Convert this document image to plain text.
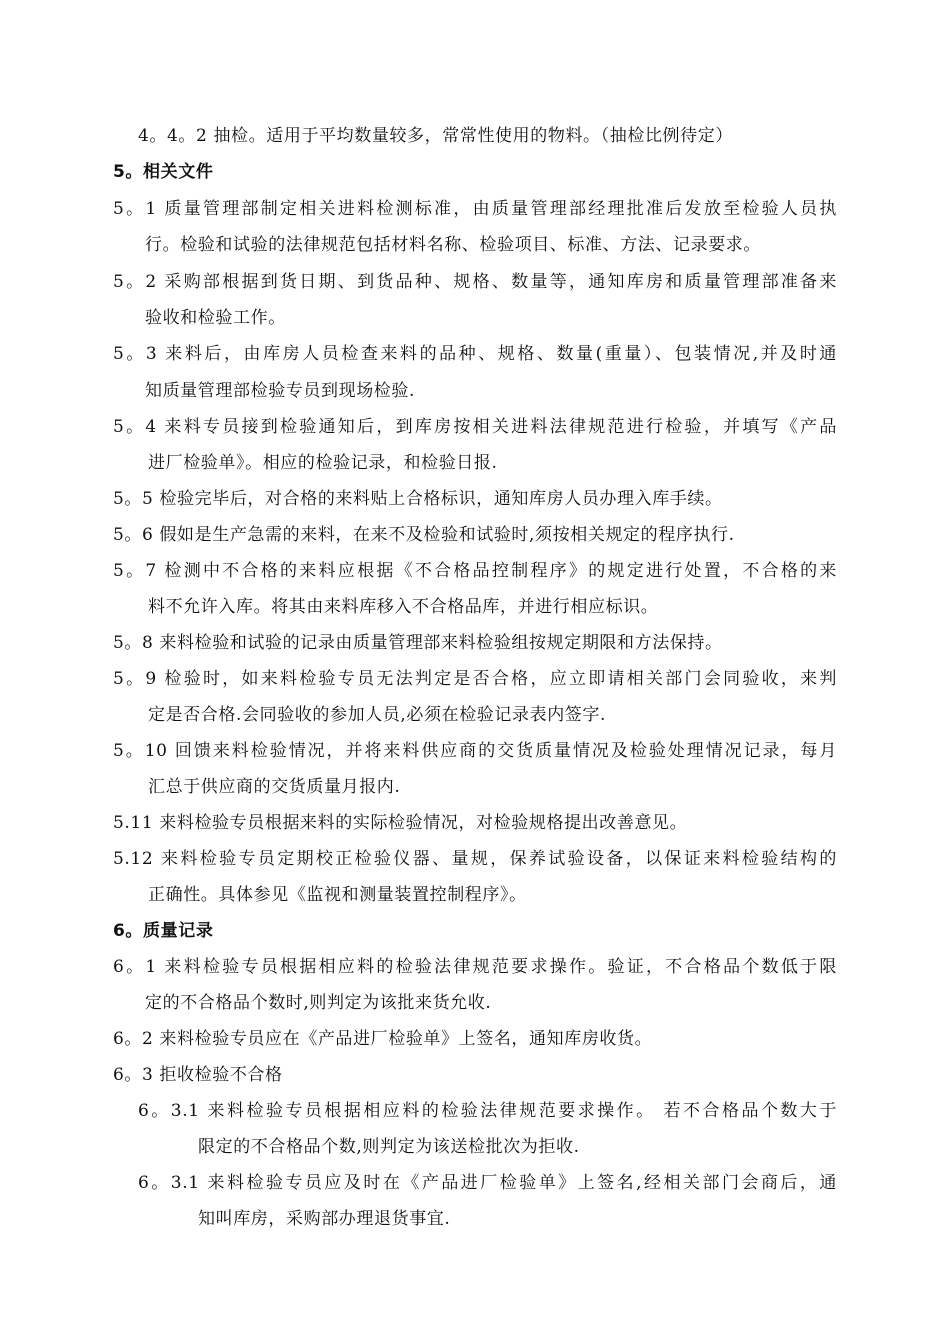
4。4。2 抽检。适用于平均数量较多，常常性使用的物料。（抽检比例待定）
5。相关文件
5。1 质量管理部制定相关进料检测标准，由质量管理部经理批准后发放至检验人员执
行。检验和试验的法律规范包括材料名称、检验项目、标准、方法、记录要求。
5。2 采购部根据到货日期、到货品种、规格、数量等，通知库房和质量管理部准备来
验收和检验工作。
5。3 来料后，由库房人员检查来料的品种、规格、数量(重量）、包装情况,并及时通
知质量管理部检验专员到现场检验.
5。4 来料专员接到检验通知后，到库房按相关进料法律规范进行检验，并填写《产品
进厂检验单》。相应的检验记录，和检验日报.
5。5 检验完毕后，对合格的来料贴上合格标识，通知库房人员办理入库手续。
5。6 假如是生产急需的来料，在来不及检验和试验时,须按相关规定的程序执行.
5。7 检测中不合格的来料应根据《不合格品控制程序》的规定进行处置，不合格的来
料不允许入库。将其由来料库移入不合格品库，并进行相应标识。
5。8 来料检验和试验的记录由质量管理部来料检验组按规定期限和方法保持。
5。9 检验时，如来料检验专员无法判定是否合格，应立即请相关部门会同验收，来判
定是否合格.会同验收的参加人员,必须在检验记录表内签字.
5。10 回馈来料检验情况，并将来料供应商的交货质量情况及检验处理情况记录，每月
汇总于供应商的交货质量月报内.
5.11 来料检验专员根据来料的实际检验情况，对检验规格提出改善意见。
5.12 来料检验专员定期校正检验仪器、量规，保养试验设备，以保证来料检验结构的
正确性。具体参见《监视和测量装置控制程序》。
6。质量记录
6。1 来料检验专员根据相应料的检验法律规范要求操作。验证，不合格品个数低于限
定的不合格品个数时,则判定为该批来货允收.
6。2 来料检验专员应在《产品进厂检验单》上签名，通知库房收货。
6。3 拒收检验不合格
6。3.1 来料检验专员根据相应料的检验法律规范要求操作。 若不合格品个数大于
限定的不合格品个数,则判定为该送检批次为拒收.
6。3.1 来料检验专员应及时在《产品进厂检验单》上签名,经相关部门会商后，通
知叫库房，采购部办理退货事宜.
